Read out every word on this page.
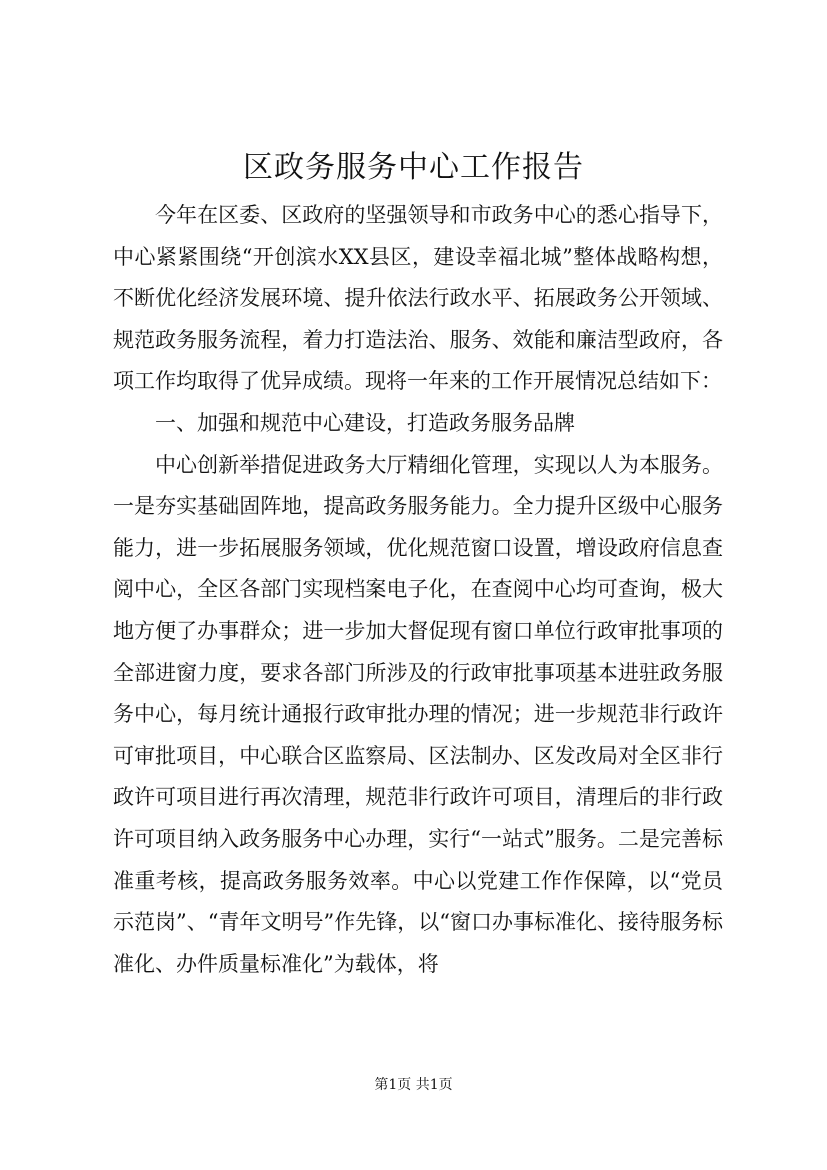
区政务服务中心工作报告

今年在区委、区政府的坚强领导和市政务中心的悉心指导下，中心紧紧围绕“开创滨水XX县区，建设幸福北城”整体战略构想，不断优化经济发展环境、提升依法行政水平、拓展政务公开领域、规范政务服务流程，着力打造法治、服务、效能和廉洁型政府，各项工作均取得了优异成绩。现将一年来的工作开展情况总结如下：

一、加强和规范中心建设，打造政务服务品牌

中心创新举措促进政务大厅精细化管理，实现以人为本服务。一是夯实基础固阵地，提高政务服务能力。全力提升区级中心服务能力，进一步拓展服务领域，优化规范窗口设置，增设政府信息查阅中心，全区各部门实现档案电子化，在查阅中心均可查询，极大地方便了办事群众；进一步加大督促现有窗口单位行政审批事项的全部进窗力度，要求各部门所涉及的行政审批事项基本进驻政务服务中心，每月统计通报行政审批办理的情况；进一步规范非行政许可审批项目，中心联合区监察局、区法制办、区发改局对全区非行政许可项目进行再次清理，规范非行政许可项目，清理后的非行政许可项目纳入政务服务中心办理，实行“一站式”服务。二是完善标准重考核，提高政务服务效率。中心以党建工作作保障，以“党员示范岗”、“青年文明号”作先锋，以“窗口办事标准化、接待服务标准化、办件质量标准化”为载体，将

第1页 共1页
